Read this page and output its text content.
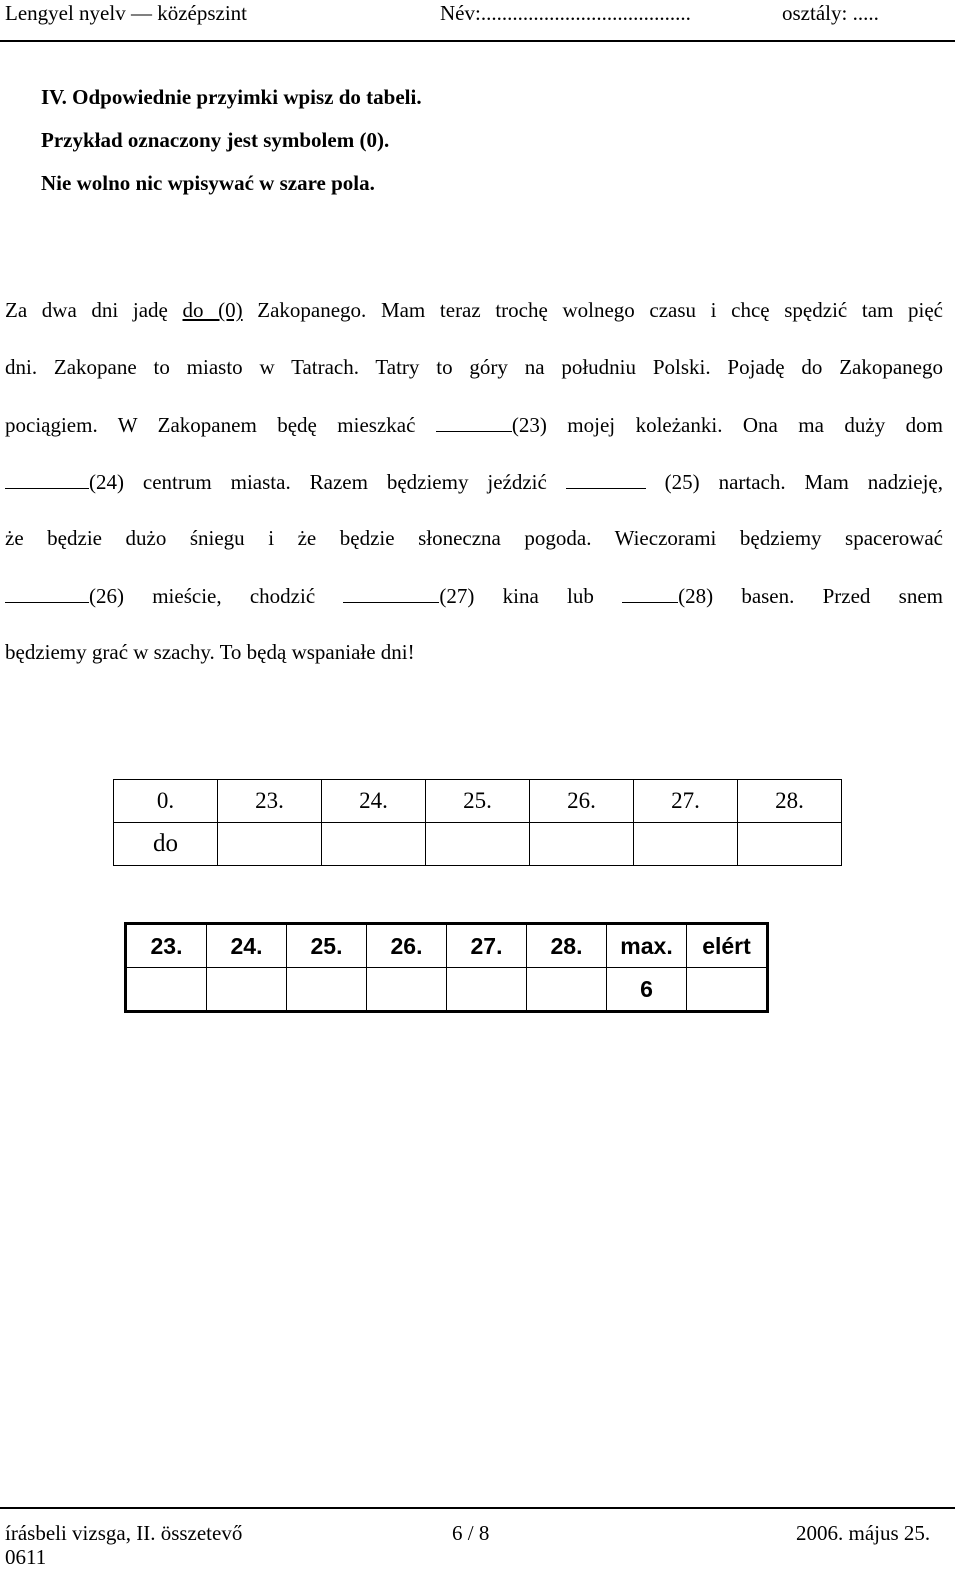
Lengyel nyelv — középszint	Név:........................................	osztály: .....
IV. Odpowiednie przyimki wpisz do tabeli.
Przykład oznaczony jest symbolem (0).
Nie wolno nic wpisywać w szare pola.
Za dwa dni jadę do (0) Zakopanego. Mam teraz trochę wolnego czasu i chcę spędzić tam pięć
dni. Zakopane to miasto w Tatrach. Tatry to góry na południu Polski. Pojadę do Zakopanego
pociągiem. W Zakopanem będę mieszkać	(23) mojej koleżanki. Ona ma duży dom
(24) centrum miasta. Razem będziemy jeździć	(25) nartach. Mam nadzieję,
że będzie dużo śniegu i że będzie słoneczna pogoda. Wieczorami będziemy spacerować
(26) mieście, chodzić	(27) kina lub	(28) basen. Przed snem
będziemy grać w szachy. To będą wspaniałe dni!
0.	23.	24.	25.	26.	27.	28.
do						
23.	24.	25.	26.	27.	28.	max.	elért
						6	
írásbeli vizsga, II. összetevő
0611
6 / 8	2006. május 25.
